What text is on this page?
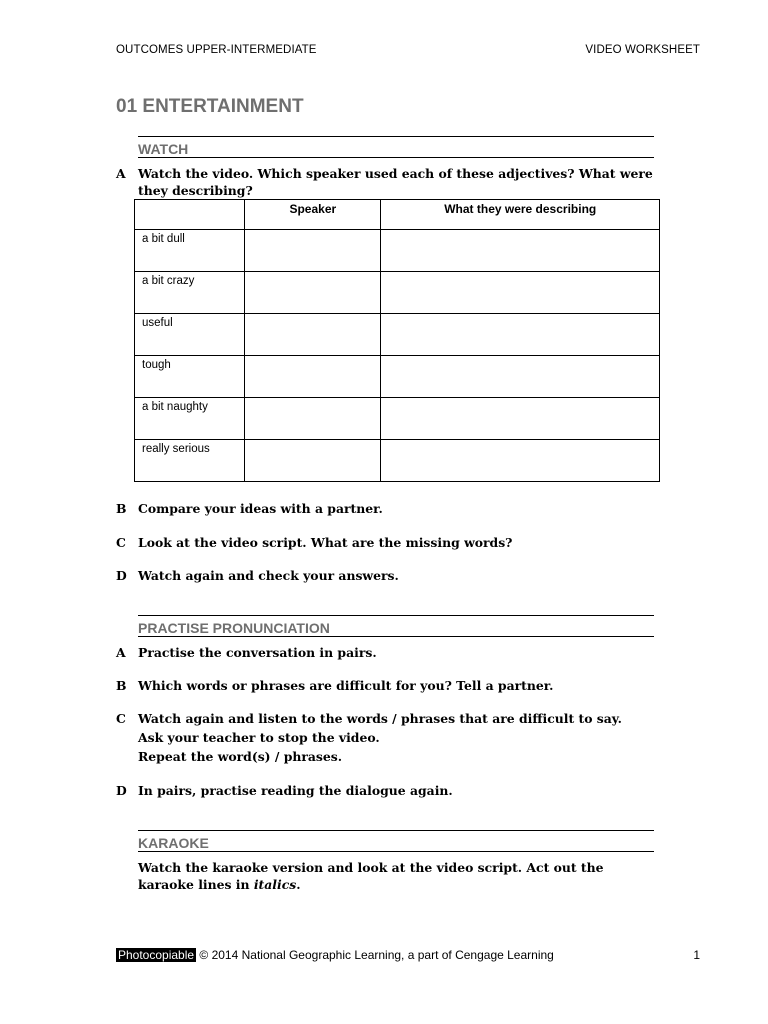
OUTCOMES UPPER-INTERMEDIATE	VIDEO WORKSHEET
01 ENTERTAINMENT
WATCH
A Watch the video. Which speaker used each of these adjectives? What were they describing?
	Speaker	What they were describing
a bit dull		
a bit crazy		
useful		
tough		
a bit naughty		
really serious		
B Compare your ideas with a partner.
C Look at the video script. What are the missing words?
D Watch again and check your answers.
PRACTISE PRONUNCIATION
A Practise the conversation in pairs.
B Which words or phrases are difficult for you? Tell a partner.
C Watch again and listen to the words / phrases that are difficult to say.
Ask your teacher to stop the video.
Repeat the word(s) / phrases.
D In pairs, practise reading the dialogue again.
KARAOKE
Watch the karaoke version and look at the video script. Act out the karaoke lines in italics.
Photocopiable © 2014 National Geographic Learning, a part of Cengage Learning	1
